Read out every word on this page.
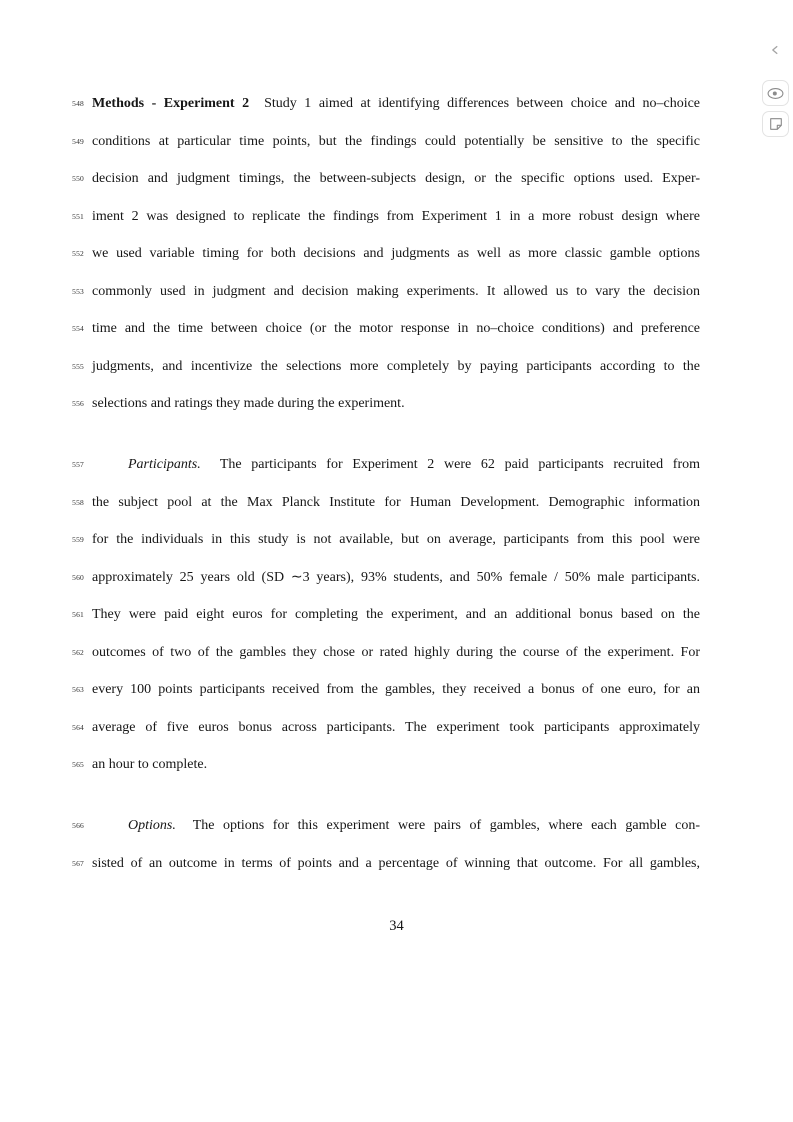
548 Methods - Experiment 2  Study 1 aimed at identifying differences between choice and no–choice
549 conditions at particular time points, but the findings could potentially be sensitive to the specific
550 decision and judgment timings, the between-subjects design, or the specific options used. Exper-
551 iment 2 was designed to replicate the findings from Experiment 1 in a more robust design where
552 we used variable timing for both decisions and judgments as well as more classic gamble options
553 commonly used in judgment and decision making experiments. It allowed us to vary the decision
554 time and the time between choice (or the motor response in no–choice conditions) and preference
555 judgments, and incentivize the selections more completely by paying participants according to the
556 selections and ratings they made during the experiment.
557	Participants.  The participants for Experiment 2 were 62 paid participants recruited from
558 the subject pool at the Max Planck Institute for Human Development. Demographic information
559 for the individuals in this study is not available, but on average, participants from this pool were
560 approximately 25 years old (SD ∼3 years), 93% students, and 50% female / 50% male participants.
561 They were paid eight euros for completing the experiment, and an additional bonus based on the
562 outcomes of two of the gambles they chose or rated highly during the course of the experiment. For
563 every 100 points participants received from the gambles, they received a bonus of one euro, for an
564 average of five euros bonus across participants. The experiment took participants approximately
565 an hour to complete.
566	Options.  The options for this experiment were pairs of gambles, where each gamble con-
567 sisted of an outcome in terms of points and a percentage of winning that outcome. For all gambles,
34
